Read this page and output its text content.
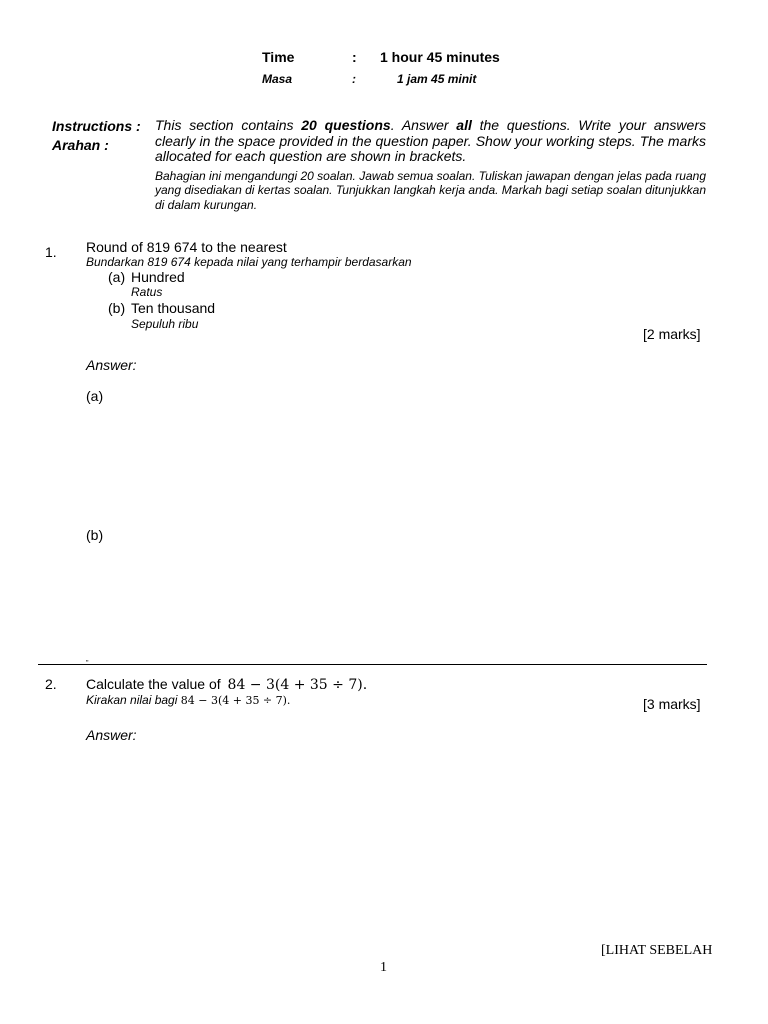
Time	: 1 hour 45 minutes
Masa	:	1 jam 45 minit
Instructions :
Arahan :

This section contains 20 questions. Answer all the questions. Write your answers clearly in the space provided in the question paper. Show your working steps. The marks allocated for each question are shown in brackets.

Bahagian ini mengandungi 20 soalan. Jawab semua soalan. Tuliskan jawapan dengan jelas pada ruang yang disediakan di kertas soalan. Tunjukkan langkah kerja anda. Markah bagi setiap soalan ditunjukkan di dalam kurungan.

1. Round of 819 674 to the nearest
Bundarkan 819 674 kepada nilai yang terhampir berdasarkan
(a) Hundred
Ratus
(b) Ten thousand
Sepuluh ribu
[2 marks]
Answer:
(a)
(b)
"
2. Calculate the value of 84 − 3(4 + 35 ÷ 7).
Kirakan nilai bagi 84 − 3(4 + 35 ÷ 7).	[3 marks]
Answer:
[LIHAT SEBELAH
1
